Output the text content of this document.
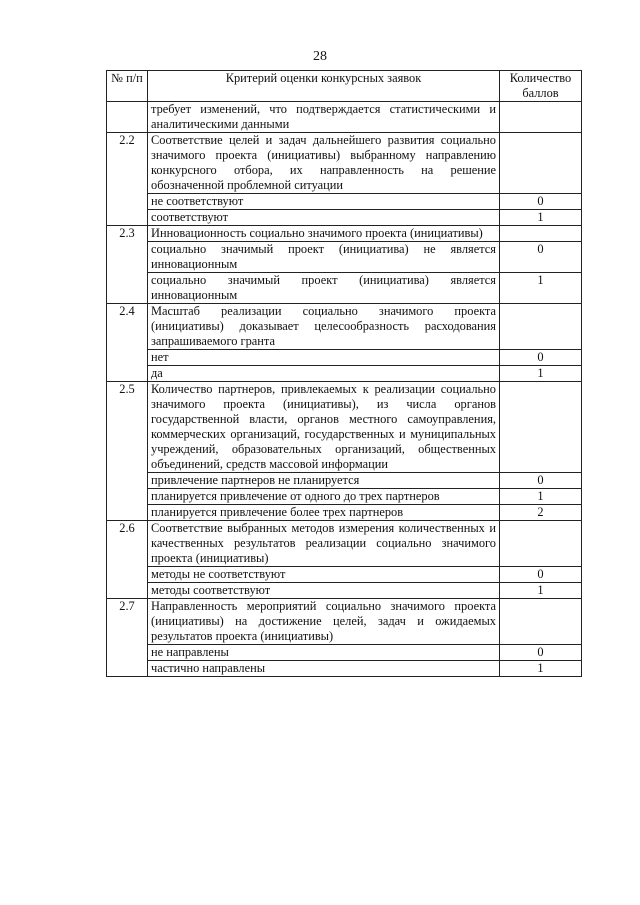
28
№ п/п	Критерий оценки конкурсных заявок	Количество баллов
	требует изменений, что подтверждается статистическими и аналитическими данными	
2.2	Соответствие целей и задач дальнейшего развития социально значимого проекта (инициативы) выбранному направлению конкурсного отбора, их направленность на решение обозначенной проблемной ситуации	
	не соответствуют	0
	соответствуют	1
2.3	Инновационность социально значимого проекта (инициативы)	
	социально значимый проект (инициатива) не является инновационным	0
	социально значимый проект (инициатива) является инновационным	1
2.4	Масштаб реализации социально значимого проекта (инициативы) доказывает целесообразность расходования запрашиваемого гранта	
	нет	0
	да	1
2.5	Количество партнеров, привлекаемых к реализации социально значимого проекта (инициативы), из числа органов государственной власти, органов местного самоуправления, коммерческих организаций, государственных и муниципальных учреждений, образовательных организаций, общественных объединений, средств массовой информации	
	привлечение партнеров не планируется	0
	планируется привлечение от одного до трех партнеров	1
	планируется привлечение более трех партнеров	2
2.6	Соответствие выбранных методов измерения количественных и качественных результатов реализации социально значимого проекта (инициативы)	
	методы не соответствуют	0
	методы соответствуют	1
2.7	Направленность мероприятий социально значимого проекта (инициативы) на достижение целей, задач и ожидаемых результатов проекта (инициативы)	
	не направлены	0
	частично направлены	1
